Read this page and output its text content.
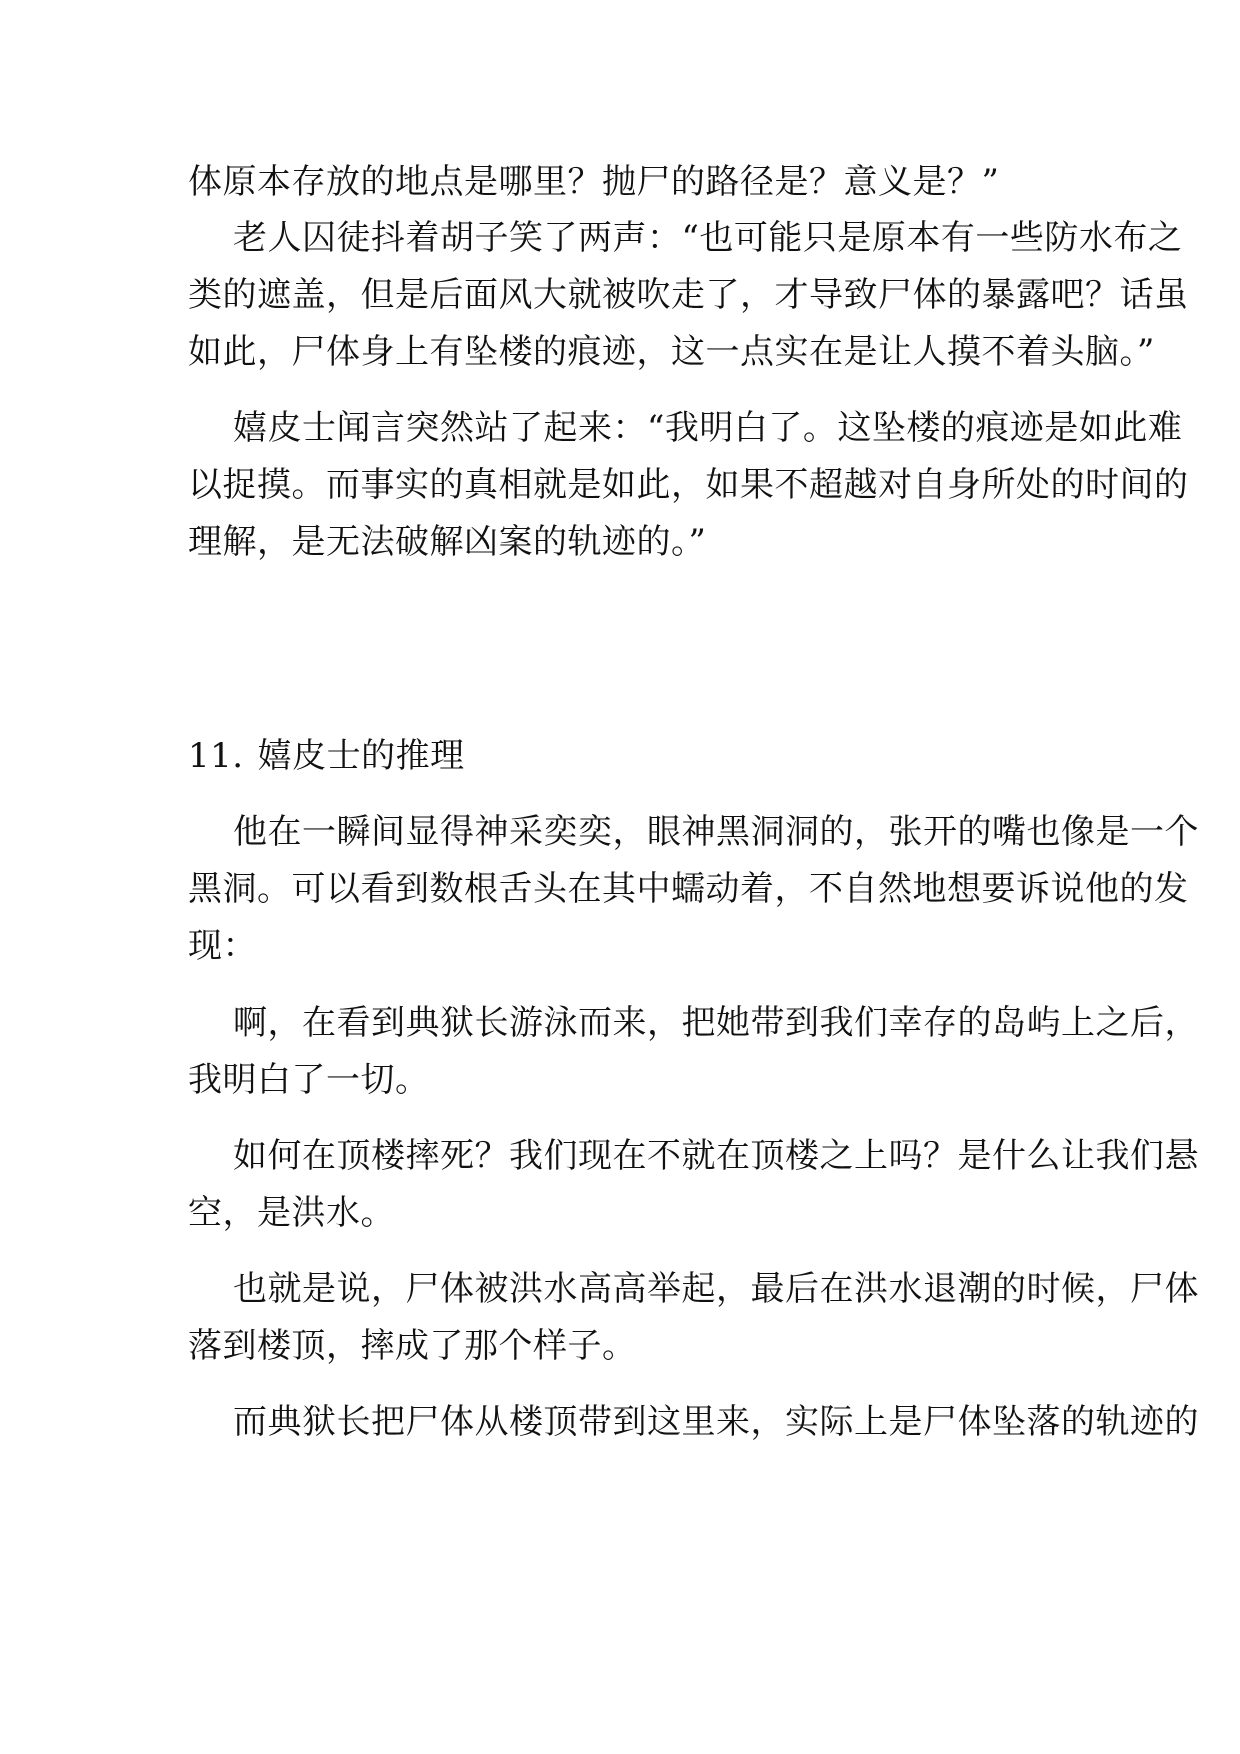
体原本存放的地点是哪里？抛尸的路径是？意义是？”
老人囚徒抖着胡子笑了两声：“也可能只是原本有一些防水布之
类的遮盖，但是后面风大就被吹走了，才导致尸体的暴露吧？话虽
如此，尸体身上有坠楼的痕迹，这一点实在是让人摸不着头脑。”
嬉皮士闻言突然站了起来：“我明白了。这坠楼的痕迹是如此难
以捉摸。而事实的真相就是如此，如果不超越对自身所处的时间的
理解，是无法破解凶案的轨迹的。”
11. 嬉皮士的推理
他在一瞬间显得神采奕奕，眼神黑洞洞的，张开的嘴也像是一个
黑洞。可以看到数根舌头在其中蠕动着，不自然地想要诉说他的发
现：
啊，在看到典狱长游泳而来，把她带到我们幸存的岛屿上之后，
我明白了一切。
如何在顶楼摔死？我们现在不就在顶楼之上吗？是什么让我们悬
空，是洪水。
也就是说，尸体被洪水高高举起，最后在洪水退潮的时候，尸体
落到楼顶，摔成了那个样子。
而典狱长把尸体从楼顶带到这里来，实际上是尸体坠落的轨迹的
